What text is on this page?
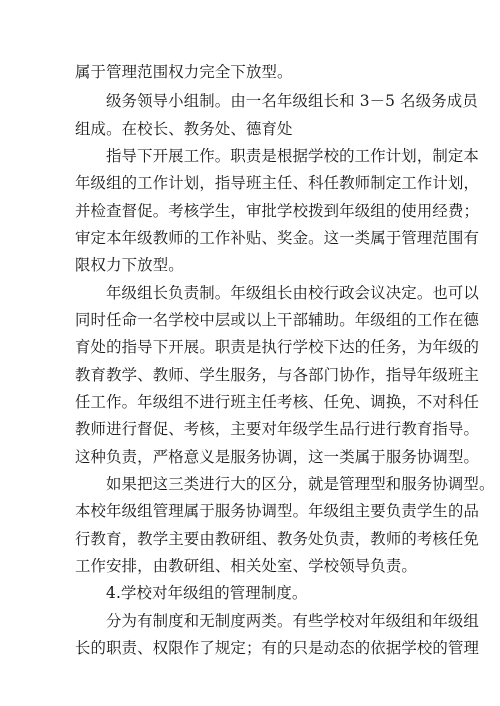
属于管理范围权力完全下放型。
级务领导小组制。由一名年级组长和 3－5 名级务成员
组成。在校长、教务处、德育处
指导下开展工作。职责是根据学校的工作计划，制定本
年级组的工作计划，指导班主任、科任教师制定工作计划，
并检查督促。考核学生，审批学校拨到年级组的使用经费；
审定本年级教师的工作补贴、奖金。这一类属于管理范围有
限权力下放型。
年级组长负责制。年级组长由校行政会议决定。也可以
同时任命一名学校中层或以上干部辅助。年级组的工作在德
育处的指导下开展。职责是执行学校下达的任务，为年级的
教育教学、教师、学生服务，与各部门协作，指导年级班主
任工作。年级组不进行班主任考核、任免、调换，不对科任
教师进行督促、考核，主要对年级学生品行进行教育指导。
这种负责，严格意义是服务协调，这一类属于服务协调型。
如果把这三类进行大的区分，就是管理型和服务协调型。
本校年级组管理属于服务协调型。年级组主要负责学生的品
行教育，教学主要由教研组、教务处负责，教师的考核任免
工作安排，由教研组、相关处室、学校领导负责。
4.学校对年级组的管理制度。
分为有制度和无制度两类。有些学校对年级组和年级组
长的职责、权限作了规定；有的只是动态的依据学校的管理
